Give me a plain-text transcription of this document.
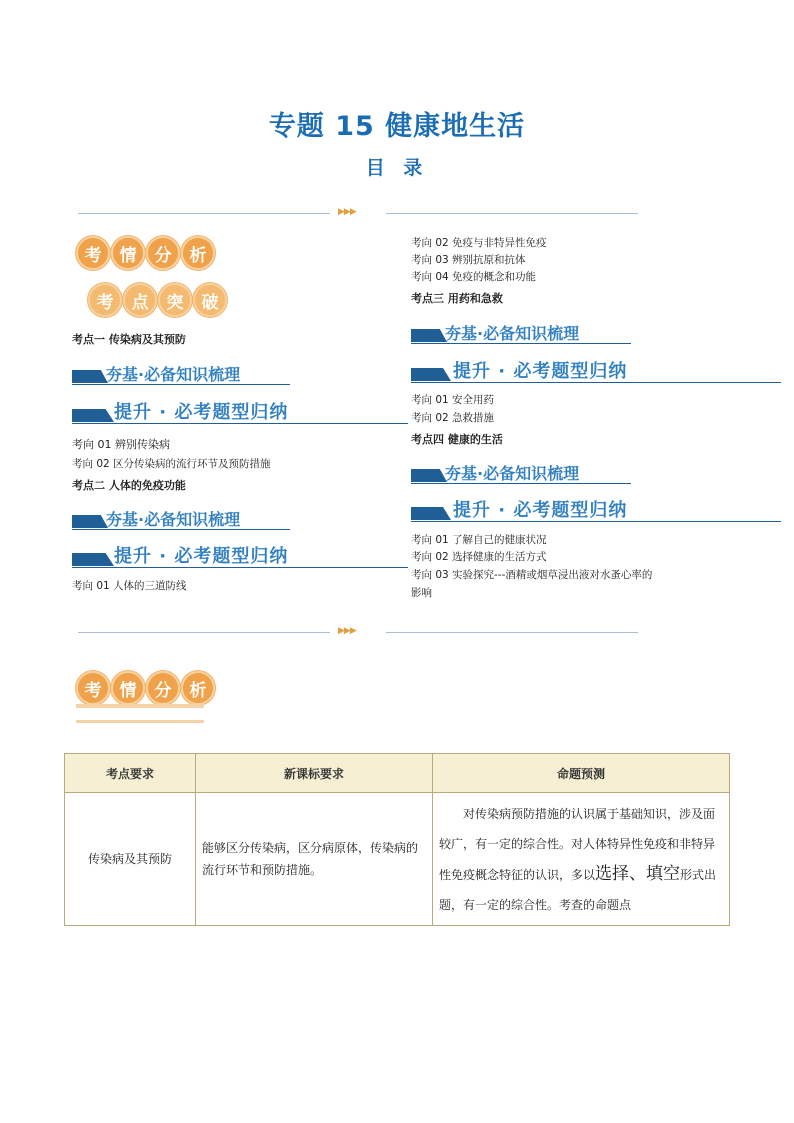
专题 15 健康地生活
目 录
▶▶▶
考	情	分	析
考	点	突	破
考点一 传染病及其预防
夯基·必备知识梳理
提升 · 必考题型归纳
考向 01 辨别传染病
考向 02 区分传染病的流行环节及预防措施
考点二 人体的免疫功能
夯基·必备知识梳理
提升 · 必考题型归纳
考向 01 人体的三道防线
考向 02 免疫与非特异性免疫
考向 03 辨别抗原和抗体
考向 04 免疫的概念和功能
考点三 用药和急救
夯基·必备知识梳理
提升 · 必考题型归纳
考向 01 安全用药
考向 02 急救措施
考点四 健康的生活
夯基·必备知识梳理
提升 · 必考题型归纳
考向 01 了解自己的健康状况
考向 02 选择健康的生活方式
考向 03 实验探究---酒精或烟草浸出液对水蚤心率的
影响
▶▶▶
考	情	分	析
考点要求	新课标要求	命题预测
传染病及其预防	能够区分传染病，区分病原体，传染病的流行环节和预防措施。	对传染病预防措施的认识属于基础知识，涉及面较广，有一定的综合性。对人体特异性免疫和非特异性免疫概念特征的认识，多以选择、填空形式出题，有一定的综合性。考查的命题点
